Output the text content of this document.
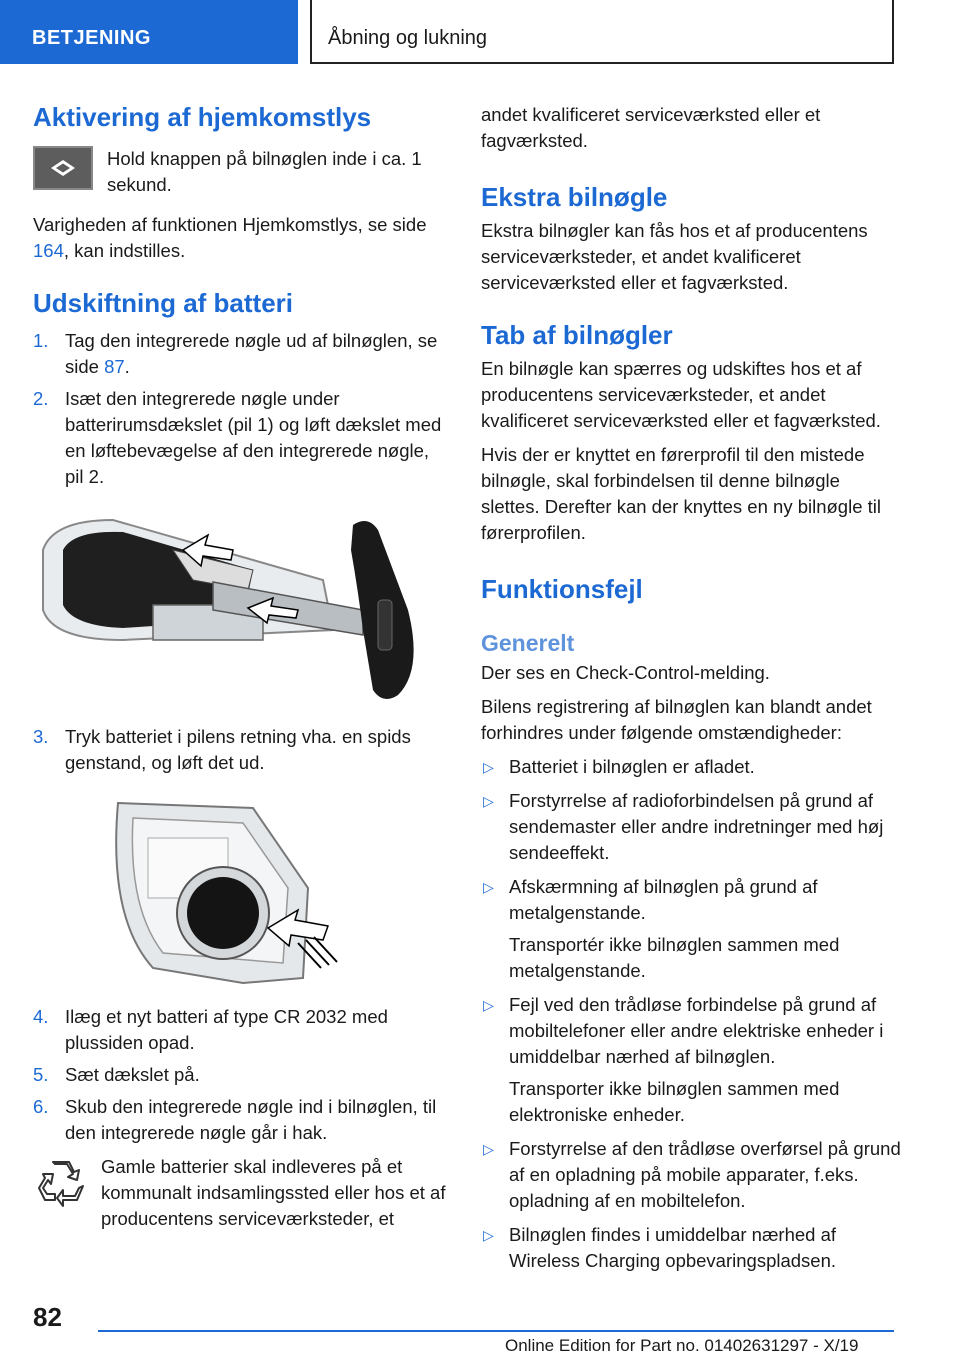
BETJENING	Åbning og lukning
Aktivering af hjemkomstlys

Hold knappen på bilnøglen inde i ca. 1 sekund.

Varigheden af funktionen Hjemkomstlys, se side 164, kan indstilles.

Udskiftning af batteri
1. Tag den integrerede nøgle ud af bilnøglen, se side 87.
2. Isæt den integrerede nøgle under batterirumsdækslet (pil 1) og løft dækslet med en løftebevægelse af den integrerede nøgle, pil 2.
3. Tryk batteriet i pilens retning vha. en spids genstand, og løft det ud.
4. Ilæg et nyt batteri af type CR 2032 med plussiden opad.
5. Sæt dækslet på.
6. Skub den integrerede nøgle ind i bilnøglen, til den integrerede nøgle går i hak.

Gamle batterier skal indleveres på et kommunalt indsamlingssted eller hos et af producentens serviceværksteder, et

andet kvalificeret serviceværksted eller et fagværksted.

Ekstra bilnøgle

Ekstra bilnøgler kan fås hos et af producentens serviceværksteder, et andet kvalificeret serviceværksted eller et fagværksted.

Tab af bilnøgler

En bilnøgle kan spærres og udskiftes hos et af producentens serviceværksteder, et andet kvalificeret serviceværksted eller et fagværksted.

Hvis der er knyttet en førerprofil til den mistede bilnøgle, skal forbindelsen til denne bilnøgle slettes. Derefter kan der knyttes en ny bilnøgle til førerprofilen.

Funktionsfejl
Generelt

Der ses en Check-Control-melding.

Bilens registrering af bilnøglen kan blandt andet forhindres under følgende omstændigheder:

▷ Batteriet i bilnøglen er afladet.
▷ Forstyrrelse af radioforbindelsen på grund af sendemaster eller andre indretninger med høj sendeeffekt.
▷ Afskærmning af bilnøglen på grund af metalgenstande.
Transportér ikke bilnøglen sammen med metalgenstande.
▷ Fejl ved den trådløse forbindelse på grund af mobiltelefoner eller andre elektriske enheder i umiddelbar nærhed af bilnøglen.
Transporter ikke bilnøglen sammen med elektroniske enheder.
▷ Forstyrrelse af den trådløse overførsel på grund af en opladning på mobile apparater, f.eks. opladning af en mobiltelefon.
▷ Bilnøglen findes i umiddelbar nærhed af Wireless Charging opbevaringspladsen.
82
Online Edition for Part no. 01402631297 - X/19
